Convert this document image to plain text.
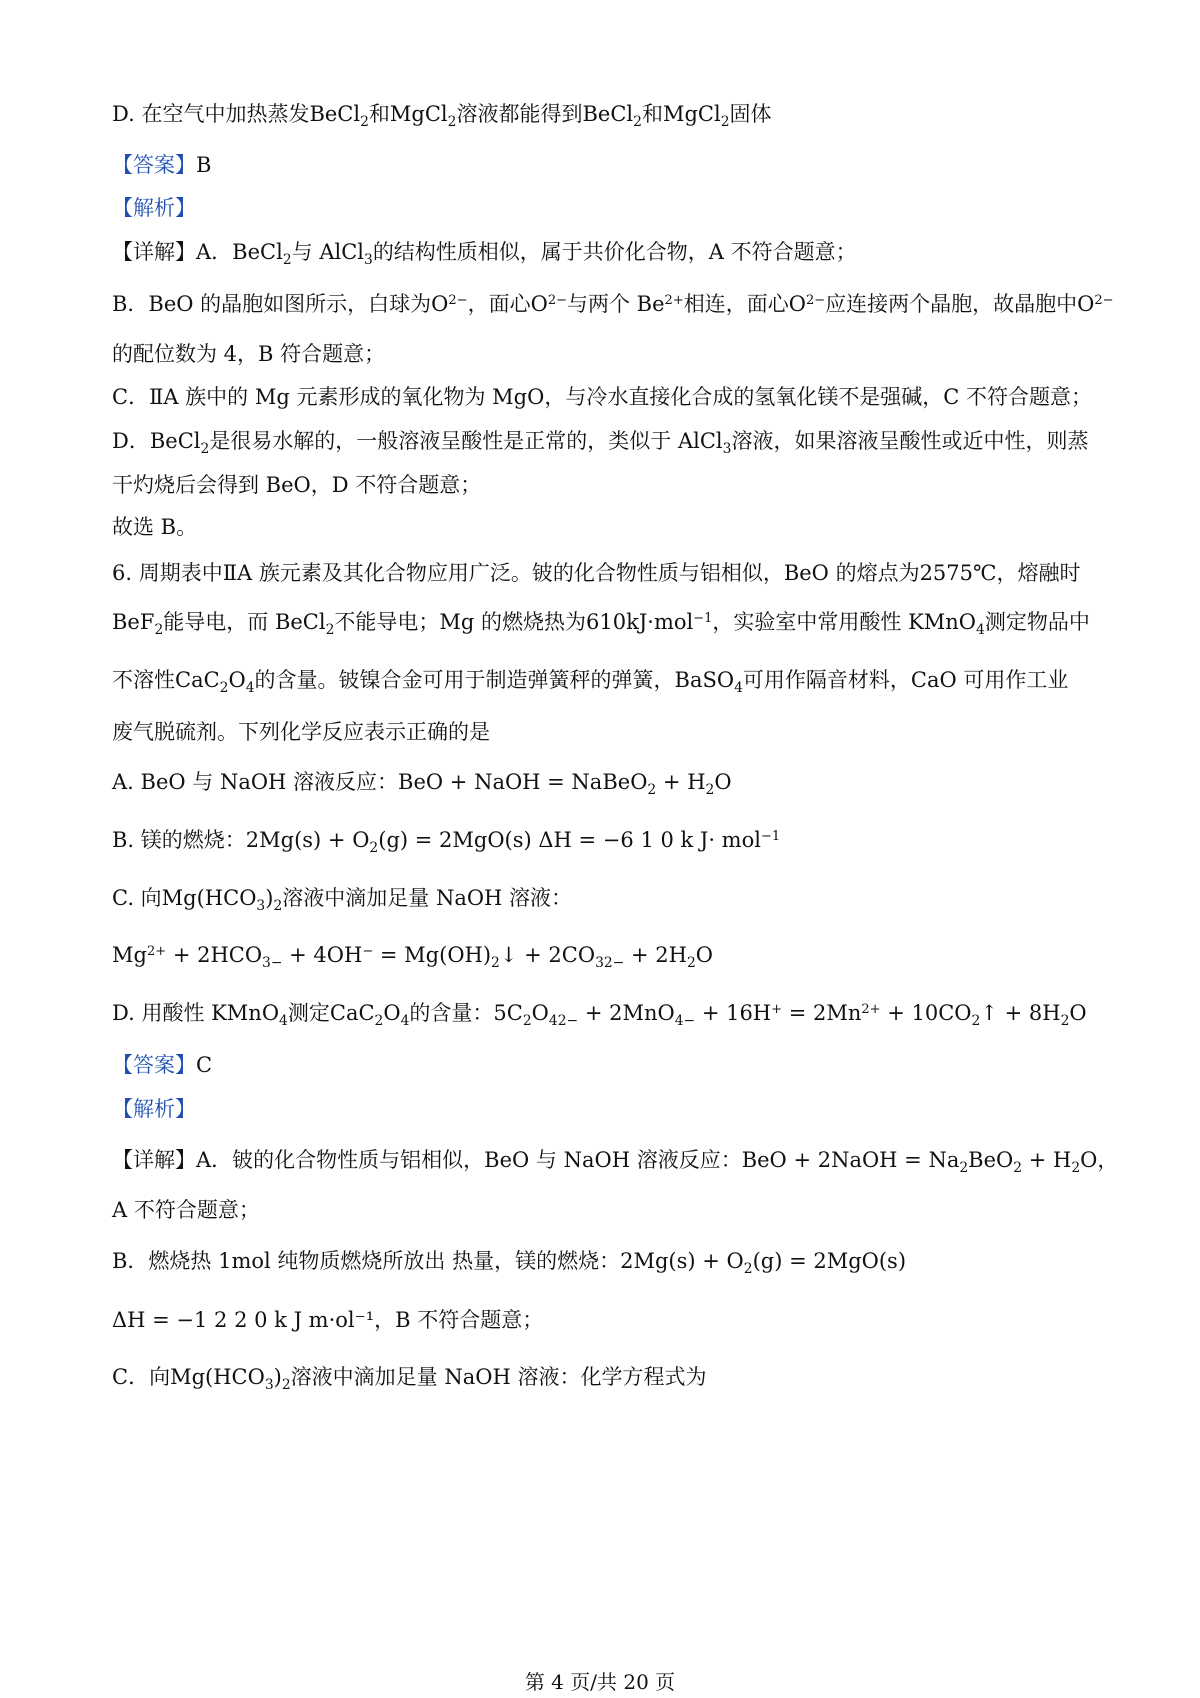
D. 在空气中加热蒸发BeCl$_2$和MgCl$_2$溶液都能得到BeCl$_2$和MgCl$_2$固体
【答案】B
【解析】
【详解】A．BeCl$_2$与 AlCl$_3$的结构性质相似，属于共价化合物，A 不符合题意；
B．BeO 的晶胞如图所示，白球为$O^{2-}$，面心$O^{2-}$与两个 $Be^{2+}$相连，面心$O^{2-}$应连接两个晶胞，故晶胞中$O^{2-}$
的配位数为 4，B 符合题意；
C．ⅡA 族中的 Mg 元素形成的氧化物为 MgO，与冷水直接化合成的氢氧化镁不是强碱，C 不符合题意；
D．BeCl$_2$是很易水解的，一般溶液呈酸性是正常的，类似于 AlCl$_3$溶液，如果溶液呈酸性或近中性，则蒸
干灼烧后会得到 BeO，D 不符合题意；
故选 B。
6. 周期表中ⅡA 族元素及其化合物应用广泛。铍的化合物性质与铝相似，BeO 的熔点为2575℃，熔融时
BeF$_2$能导电，而 BeCl$_2$不能导电；Mg 的燃烧热为610kJ·mol$^{-1}$，实验室中常用酸性 KMnO$_4$测定物品中
不溶性$CaC_2O_4$的含量。铍镍合金可用于制造弹簧秤的弹簧，BaSO$_4$可用作隔音材料，CaO 可用作工业
废气脱硫剂。下列化学反应表示正确的是
A. BeO 与 NaOH 溶液反应：BeO + NaOH = NaBeO$_2$ + $H_2O$
B. 镁的燃烧：$2Mg(s) + O_2(g) = 2MgO(s) \Delta H = -6$ 1 0 k J· mol$^{-1}$
C. 向$Mg(HCO_3)_2$溶液中滴加足量 NaOH 溶液：
$Mg^{2+} + 2HCO_{3-} + 4OH^-$ = $Mg(OH)_2↓ + 2CO_{32-} + 2H_2O$
D. 用酸性 KMnO$_4$测定$CaC_2O_4$的含量：$5C_2O_{42-} + 2MnO_{4-} + 16H^+ = 2Mn^{2+}$ + $10CO_2↑ + 8H_2O$
【答案】C
【解析】
【详解】A．铍的化合物性质与铝相似，BeO 与 NaOH 溶液反应：BeO + 2NaOH = $Na_2BeO_2 + H_2O$，
A 不符合题意；
B．燃烧热 1mol 纯物质燃烧所放出 热量，镁的燃烧：$2Mg(s) + O_2(g) = 2MgO(s)$
ΔH = −1 2 2 0 k J m·ol⁻¹，B 不符合题意；
C．向$Mg(HCO_3)_2$溶液中滴加足量 NaOH 溶液：化学方程式为
第 4 页/共 20 页
